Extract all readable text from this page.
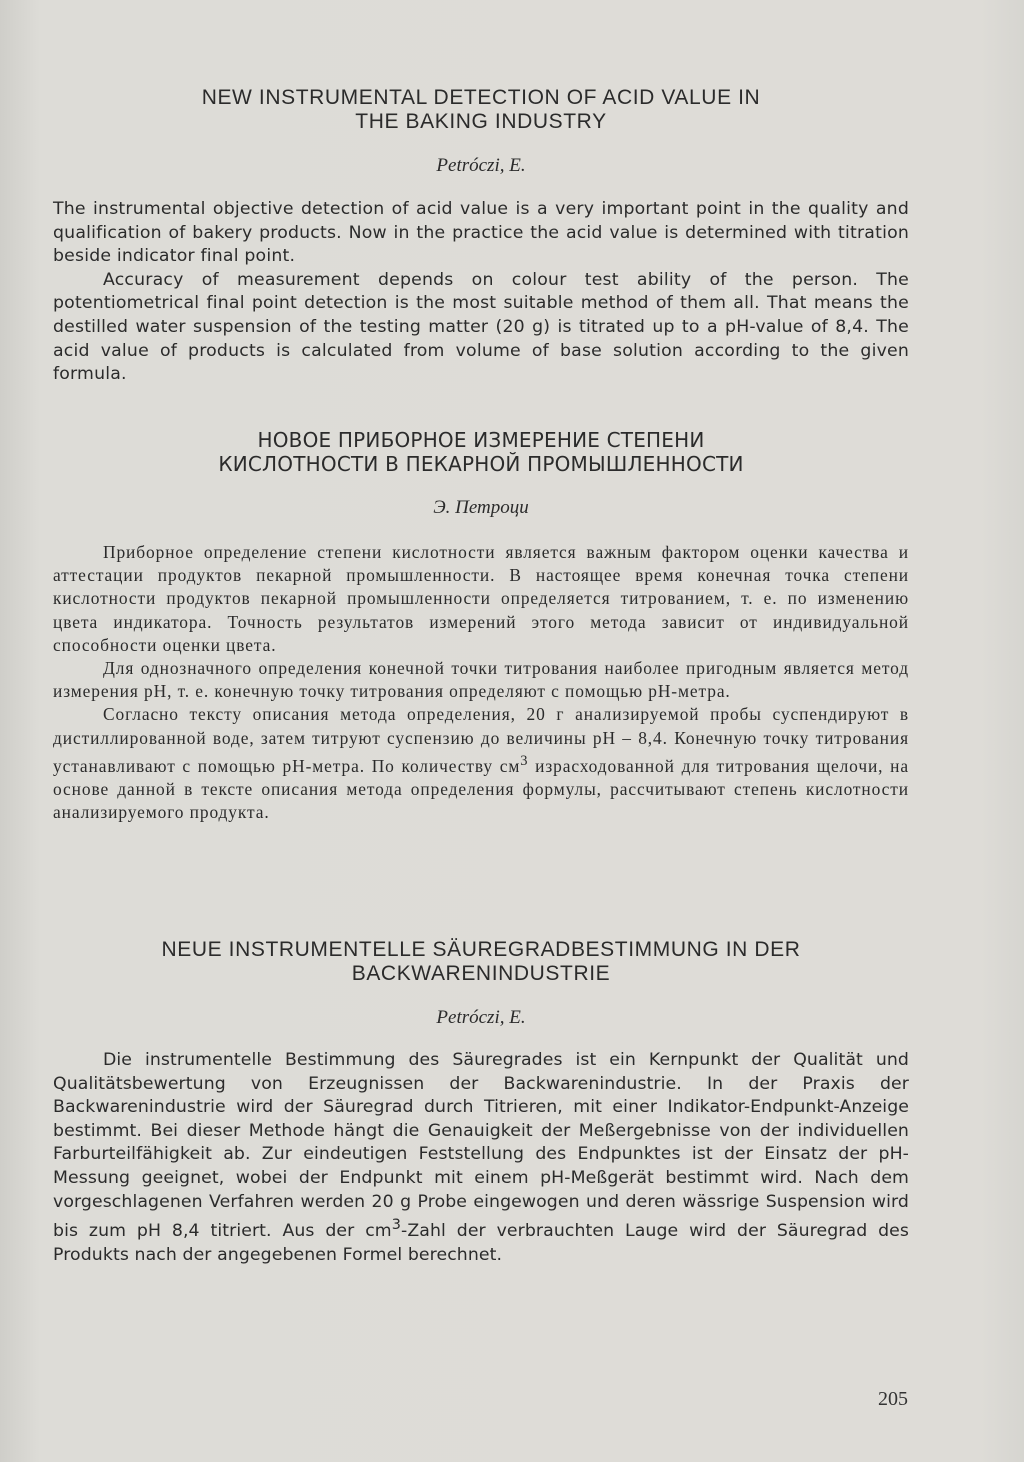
NEW INSTRUMENTAL DETECTION OF ACID VALUE IN

THE BAKING INDUSTRY

Petróczi, E.

The instrumental objective detection of acid value is a very important point in the quality and qualification of bakery products. Now in the practice the acid value is determined with titration beside indicator final point.

Accuracy of measurement depends on colour test ability of the person. The potentiometrical final point detection is the most suitable method of them all. That means the destilled water suspension of the testing matter (20 g) is titrated up to a pH-value of 8,4. The acid value of products is calculated from volume of base solution according to the given formula.

НОВОЕ ПРИБОРНОЕ ИЗМЕРЕНИЕ СТЕПЕНИ

КИСЛОТНОСТИ В ПЕКАРНОЙ ПРОМЫШЛЕННОСТИ

Э. Петроци

Приборное определение степени кислотности является важным фактором оценки качества и аттестации продуктов пекарной промышленности. В настоящее время конечная точка степени кислотности продуктов пекарной промышленности определяется титрованием, т. е. по изменению цвета индикатора. Точность результатов измерений этого метода зависит от индивидуальной способности оценки цвета.

Для однозначного определения конечной точки титрования наиболее пригодным является метод измерения pH, т. е. конечную точку титрования определяют с помощью pH-метра.

Согласно тексту описания метода определения, 20 г анализируемой пробы суспендируют в дистиллированной воде, затем титруют суспензию до величины pH – 8,4. Конечную точку титрования устанавливают с помощью pH-метра. По количеству $см^3$ израсходованной для титрования щелочи, на основе данной в тексте описания метода определения формулы, рассчитывают степень кислотности анализируемого продукта.

NEUE INSTRUMENTELLE SÄUREGRADBESTIMMUNG IN DER

BACKWARENINDUSTRIE

Petróczi, E.

Die instrumentelle Bestimmung des Säuregrades ist ein Kernpunkt der Qualität und Qualitätsbewertung von Erzeugnissen der Backwarenindustrie. In der Praxis der Backwarenindustrie wird der Säuregrad durch Titrieren, mit einer Indikator-Endpunkt-Anzeige bestimmt. Bei dieser Methode hängt die Genauigkeit der Meßergebnisse von der individuellen Farburteilfähigkeit ab. Zur eindeutigen Feststellung des Endpunktes ist der Einsatz der pH-Messung geeignet, wobei der Endpunkt mit einem pH-Meßgerät bestimmt wird. Nach dem vorgeschlagenen Verfahren werden 20 g Probe eingewogen und deren wässrige Suspension wird bis zum pH 8,4 titriert. Aus der $cm^3$-Zahl der verbrauchten Lauge wird der Säuregrad des Produkts nach der angegebenen Formel berechnet.

205
